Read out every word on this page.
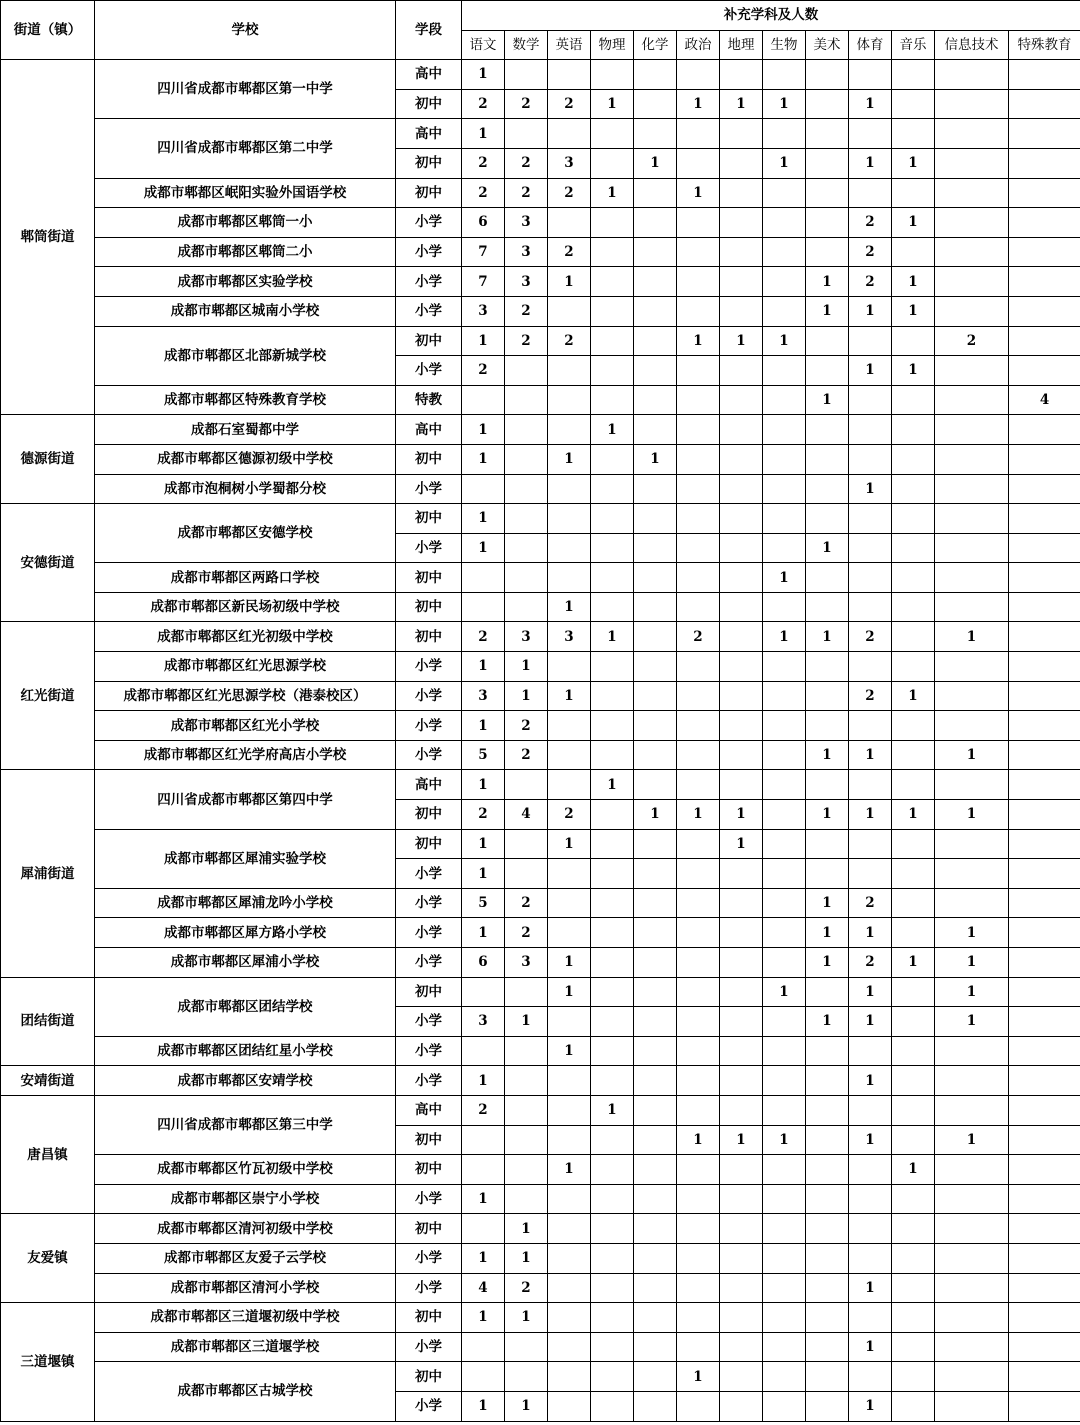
街道（镇）	学校	学段	补充学科及人数												
			语文	数学	英语	物理	化学	政治	地理	生物	美术	体育	音乐	信息技术	特殊教育
郫筒街道	四川省成都市郫都区第一中学	高中	1												
		初中	2	2	2	1		1	1	1		1			
	四川省成都市郫都区第二中学	高中	1												
		初中	2	2	3		1			1		1	1		
	成都市郫都区岷阳实验外国语学校	初中	2	2	2	1		1							
	成都市郫都区郫筒一小	小学	6	3								2	1		
	成都市郫都区郫筒二小	小学	7	3	2							2			
	成都市郫都区实验学校	小学	7	3	1						1	2	1		
	成都市郫都区城南小学校	小学	3	2							1	1	1		
	成都市郫都区北部新城学校	初中	1	2	2			1	1	1				2	
		小学	2									1	1		
	成都市郫都区特殊教育学校	特教									1				4
德源街道	成都石室蜀都中学	高中	1			1									
	成都市郫都区德源初级中学校	初中	1		1		1								
	成都市泡桐树小学蜀都分校	小学										1			
安德街道	成都市郫都区安德学校	初中	1												
		小学	1								1				
	成都市郫都区两路口学校	初中								1					
	成都市郫都区新民场初级中学校	初中			1										
红光街道	成都市郫都区红光初级中学校	初中	2	3	3	1		2		1	1	2		1	
	成都市郫都区红光思源学校	小学	1	1											
	成都市郫都区红光思源学校（港泰校区）	小学	3	1	1							2	1		
	成都市郫都区红光小学校	小学	1	2											
	成都市郫都区红光学府高店小学校	小学	5	2							1	1		1	
犀浦街道	四川省成都市郫都区第四中学	高中	1			1									
		初中	2	4	2		1	1	1		1	1	1	1	
	成都市郫都区犀浦实验学校	初中	1		1				1						
		小学	1												
	成都市郫都区犀浦龙吟小学校	小学	5	2							1	2			
	成都市郫都区犀方路小学校	小学	1	2							1	1		1	
	成都市郫都区犀浦小学校	小学	6	3	1						1	2	1	1	
团结街道	成都市郫都区团结学校	初中			1					1		1		1	
		小学	3	1							1	1		1	
	成都市郫都区团结红星小学校	小学			1										
安靖街道	成都市郫都区安靖学校	小学	1									1			
唐昌镇	四川省成都市郫都区第三中学	高中	2			1									
		初中						1	1	1		1		1	
	成都市郫都区竹瓦初级中学校	初中			1								1		
	成都市郫都区崇宁小学校	小学	1												
友爱镇	成都市郫都区清河初级中学校	初中		1											
	成都市郫都区友爱子云学校	小学	1	1											
	成都市郫都区清河小学校	小学	4	2								1			
三道堰镇	成都市郫都区三道堰初级中学校	初中	1	1											
	成都市郫都区三道堰学校	小学										1			
	成都市郫都区古城学校	初中						1							
		小学	1	1								1			
